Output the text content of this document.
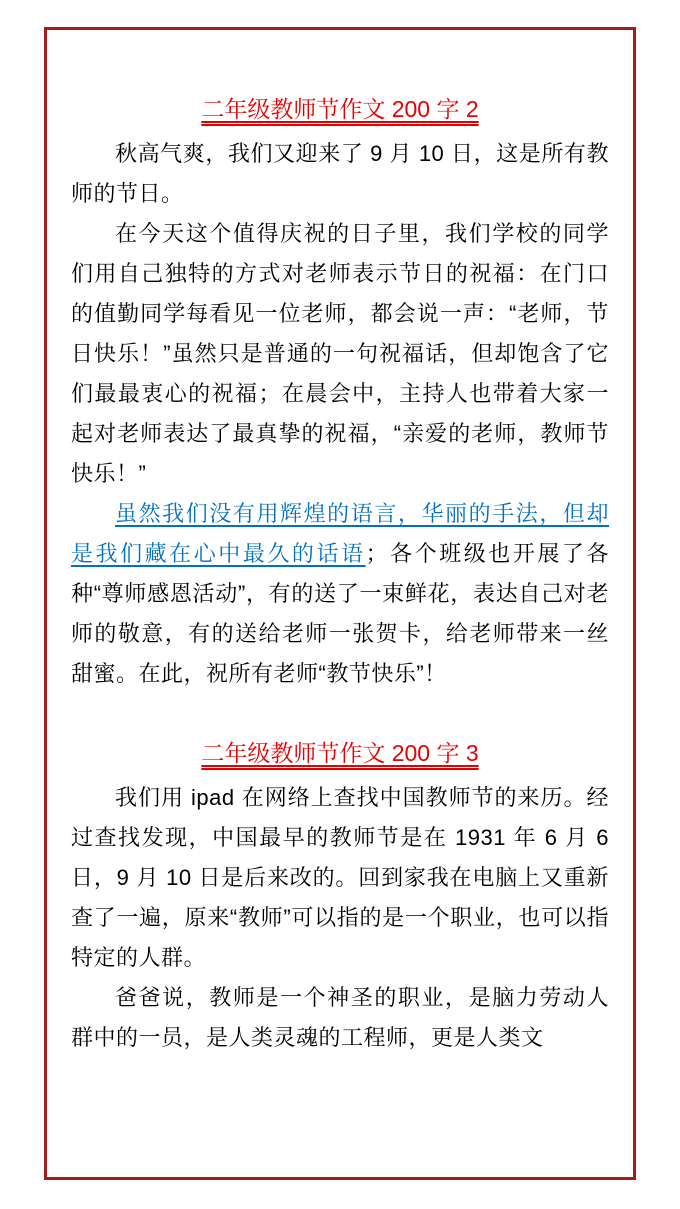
二年级教师节作文 200 字 2

秋高气爽，我们又迎来了 9 月 10 日，这是所有教师的节日。

在今天这个值得庆祝的日子里，我们学校的同学们用自己独特的方式对老师表示节日的祝福：在门口的值勤同学每看见一位老师，都会说一声：“老师，节日快乐！”虽然只是普通的一句祝福话，但却饱含了它们最最衷心的祝福；在晨会中，主持人也带着大家一起对老师表达了最真挚的祝福，“亲爱的老师，教师节快乐！”

虽然我们没有用辉煌的语言，华丽的手法，但却是我们藏在心中最久的话语；各个班级也开展了各种“尊师感恩活动”，有的送了一束鲜花，表达自己对老师的敬意，有的送给老师一张贺卡，给老师带来一丝甜蜜。在此，祝所有老师“教节快乐”！

二年级教师节作文 200 字 3

我们用 ipad 在网络上查找中国教师节的来历。经过查找发现，中国最早的教师节是在 1931 年 6 月 6 日，9 月 10 日是后来改的。回到家我在电脑上又重新查了一遍，原来“教师”可以指的是一个职业，也可以指特定的人群。

爸爸说，教师是一个神圣的职业，是脑力劳动人群中的一员，是人类灵魂的工程师，更是人类文
